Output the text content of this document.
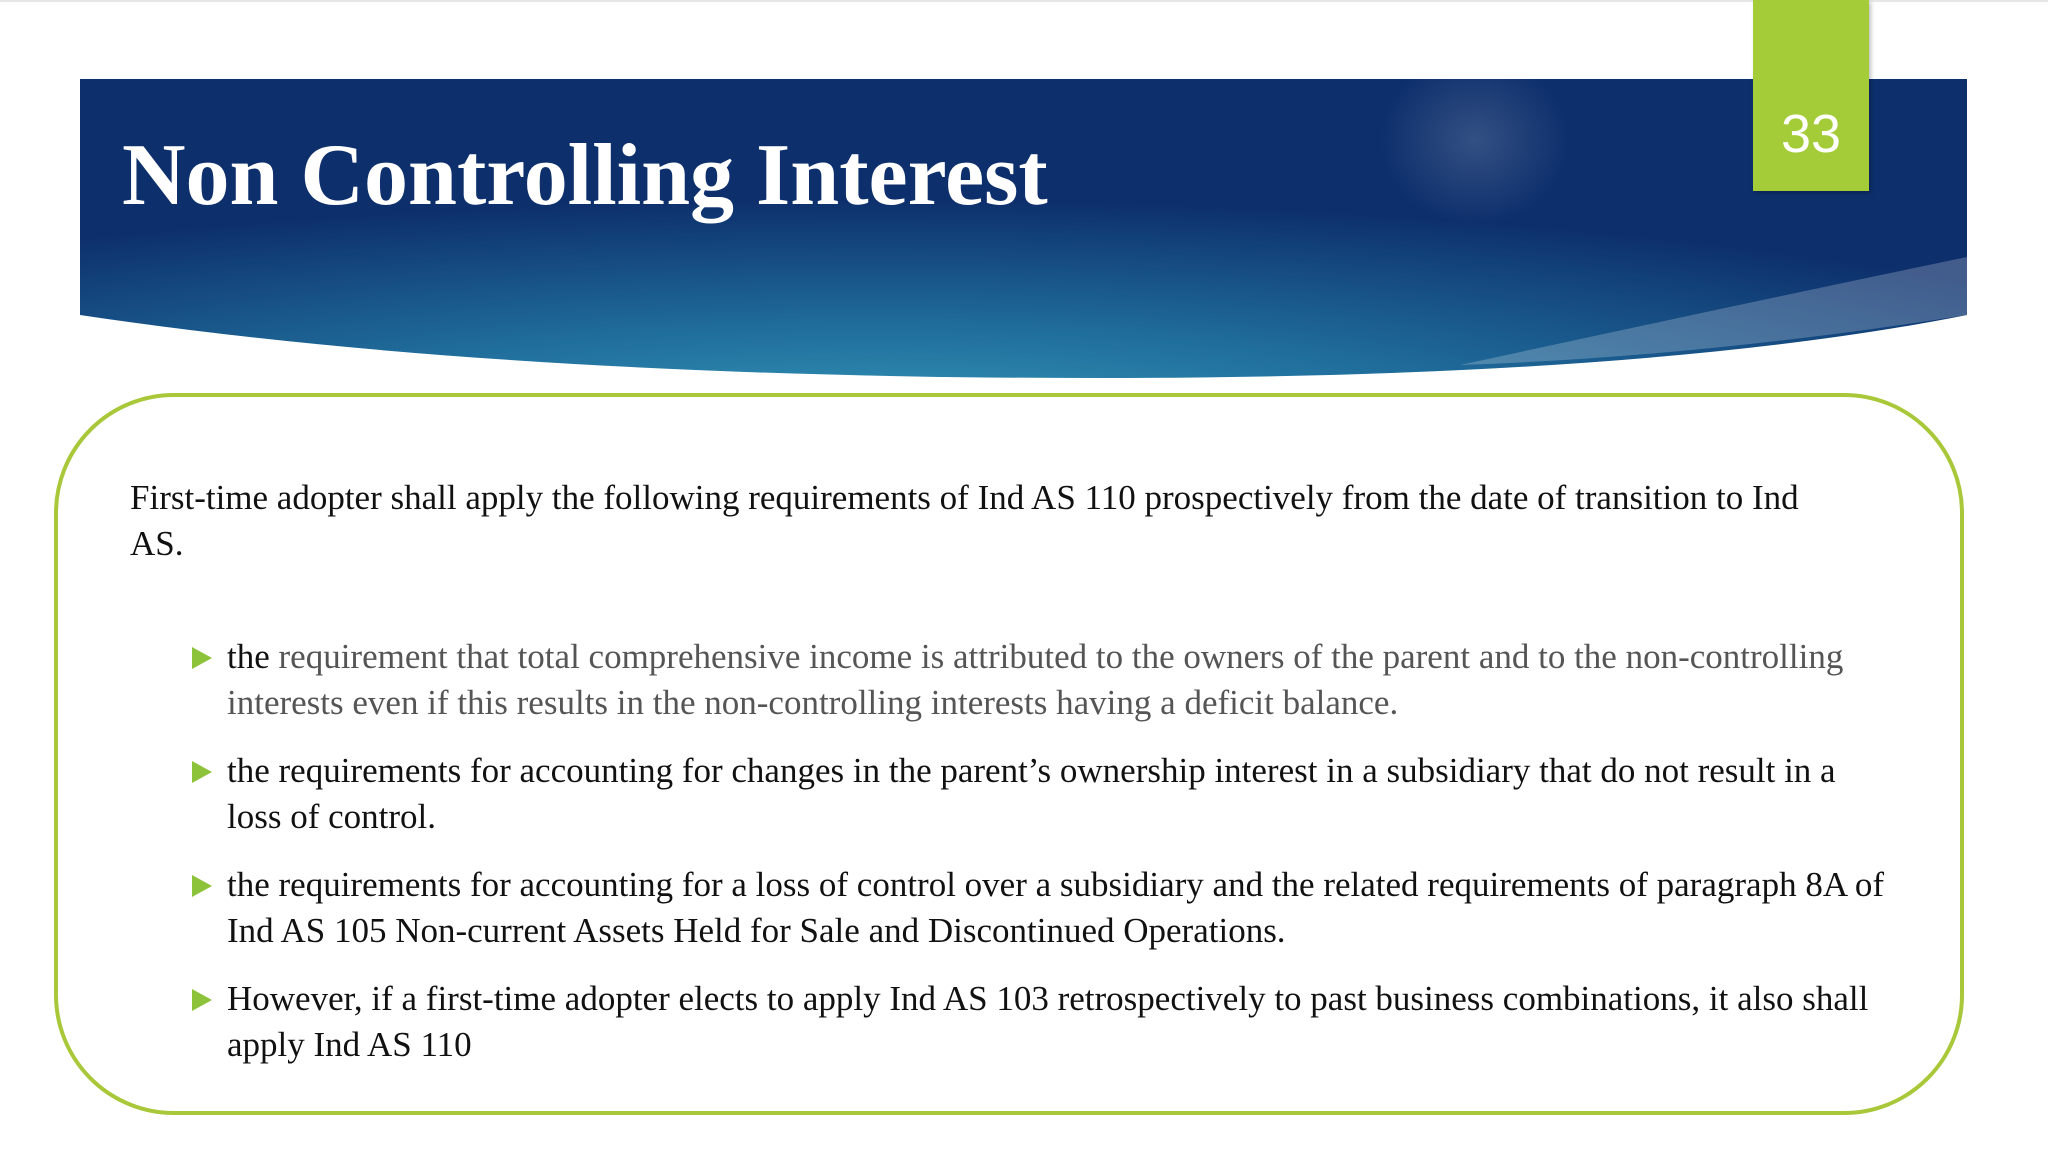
Non Controlling Interest	33

First-time adopter shall apply the following requirements of Ind AS 110 prospectively from the date of transition to Ind AS.

the requirement that total comprehensive income is attributed to the owners of the parent and to the non-controlling interests even if this results in the non-controlling interests having a deficit balance.
the requirements for accounting for changes in the parent’s ownership interest in a subsidiary that do not result in a loss of control.
the requirements for accounting for a loss of control over a subsidiary and the related requirements of paragraph 8A of Ind AS 105 Non-current Assets Held for Sale and Discontinued Operations.
However, if a first-time adopter elects to apply Ind AS 103 retrospectively to past business combinations, it also shall apply Ind AS 110
